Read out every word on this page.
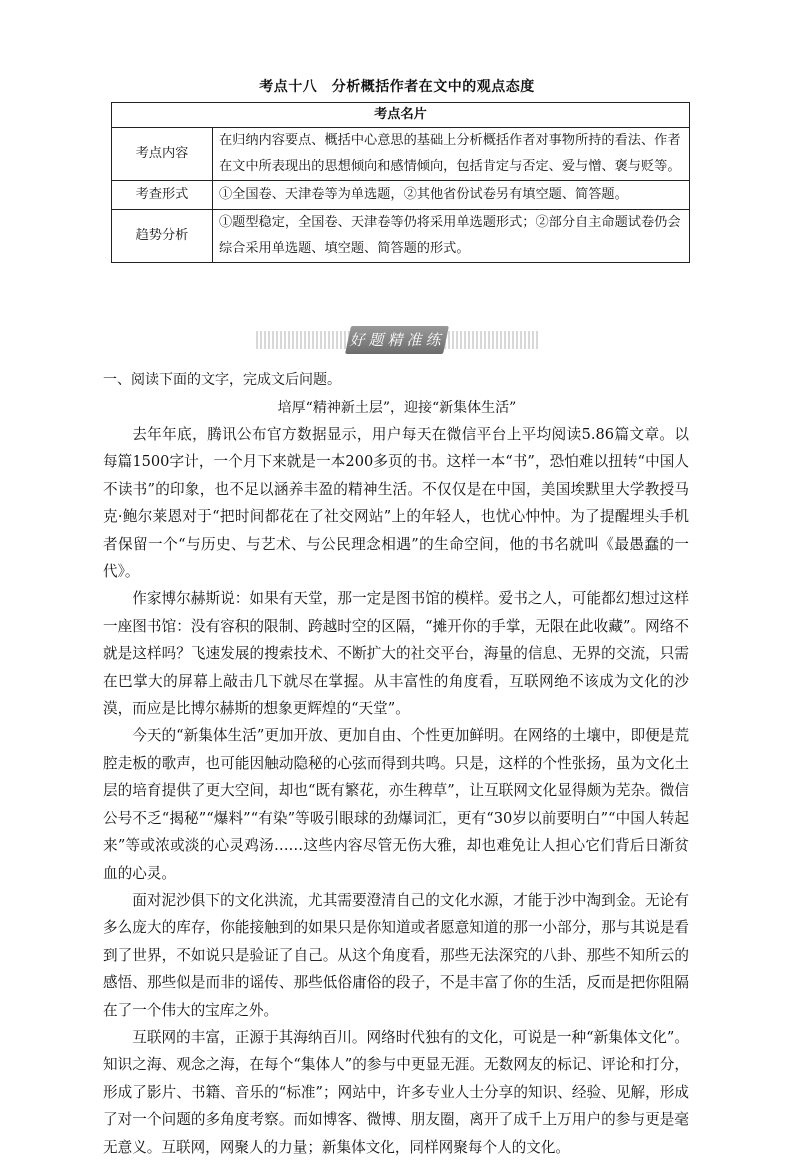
考点十八　分析概括作者在文中的观点态度
考点名片	
考点内容	在归纳内容要点、概括中心意思的基础上分析概括作者对事物所持的看法、作者在文中所表现出的思想倾向和感情倾向，包括肯定与否定、爱与憎、褒与贬等。
考查形式	①全国卷、天津卷等为单选题，②其他省份试卷另有填空题、简答题。
趋势分析	①题型稳定，全国卷、天津卷等仍将采用单选题形式；②部分自主命题试卷仍会综合采用单选题、填空题、简答题的形式。
好题精准练
一、阅读下面的文字，完成文后问题。
培厚“精神新土层”，迎接“新集体生活”

去年年底，腾讯公布官方数据显示，用户每天在微信平台上平均阅读5.86篇文章。以每篇1500字计，一个月下来就是一本200多页的书。这样一本“书”，恐怕难以扭转“中国人不读书”的印象，也不足以涵养丰盈的精神生活。不仅仅是在中国，美国埃默里大学教授马克·鲍尔莱恩对于“把时间都花在了社交网站”上的年轻人，也忧心忡忡。为了提醒埋头手机者保留一个“与历史、与艺术、与公民理念相遇”的生命空间，他的书名就叫《最愚蠢的一代》。

作家博尔赫斯说：如果有天堂，那一定是图书馆的模样。爱书之人，可能都幻想过这样一座图书馆：没有容积的限制、跨越时空的区隔，“摊开你的手掌，无限在此收藏”。网络不就是这样吗？飞速发展的搜索技术、不断扩大的社交平台，海量的信息、无界的交流，只需在巴掌大的屏幕上敲击几下就尽在掌握。从丰富性的角度看，互联网绝不该成为文化的沙漠，而应是比博尔赫斯的想象更辉煌的“天堂”。

今天的“新集体生活”更加开放、更加自由、个性更加鲜明。在网络的土壤中，即便是荒腔走板的歌声，也可能因触动隐秘的心弦而得到共鸣。只是，这样的个性张扬，虽为文化土层的培育提供了更大空间，却也“既有繁花，亦生稗草”，让互联网文化显得颇为芜杂。微信公号不乏“揭秘”“爆料”“有染”等吸引眼球的劲爆词汇，更有“30岁以前要明白”“中国人转起来”等或浓或淡的心灵鸡汤……这些内容尽管无伤大雅，却也难免让人担心它们背后日渐贫血的心灵。

面对泥沙俱下的文化洪流，尤其需要澄清自己的文化水源，才能于沙中淘到金。无论有多么庞大的库存，你能接触到的如果只是你知道或者愿意知道的那一小部分，那与其说是看到了世界，不如说只是验证了自己。从这个角度看，那些无法深究的八卦、那些不知所云的感悟、那些似是而非的谣传、那些低俗庸俗的段子，不是丰富了你的生活，反而是把你阻隔在了一个伟大的宝库之外。

互联网的丰富，正源于其海纳百川。网络时代独有的文化，可说是一种“新集体文化”。知识之海、观念之海，在每个“集体人”的参与中更显无涯。无数网友的标记、评论和打分，形成了影片、书籍、音乐的“标准”；网站中，许多专业人士分享的知识、经验、见解，形成了对一个问题的多角度考察。而如博客、微博、朋友圈，离开了成千上万用户的参与更是毫无意义。互联网，网聚人的力量；新集体文化，同样网聚每个人的文化。
